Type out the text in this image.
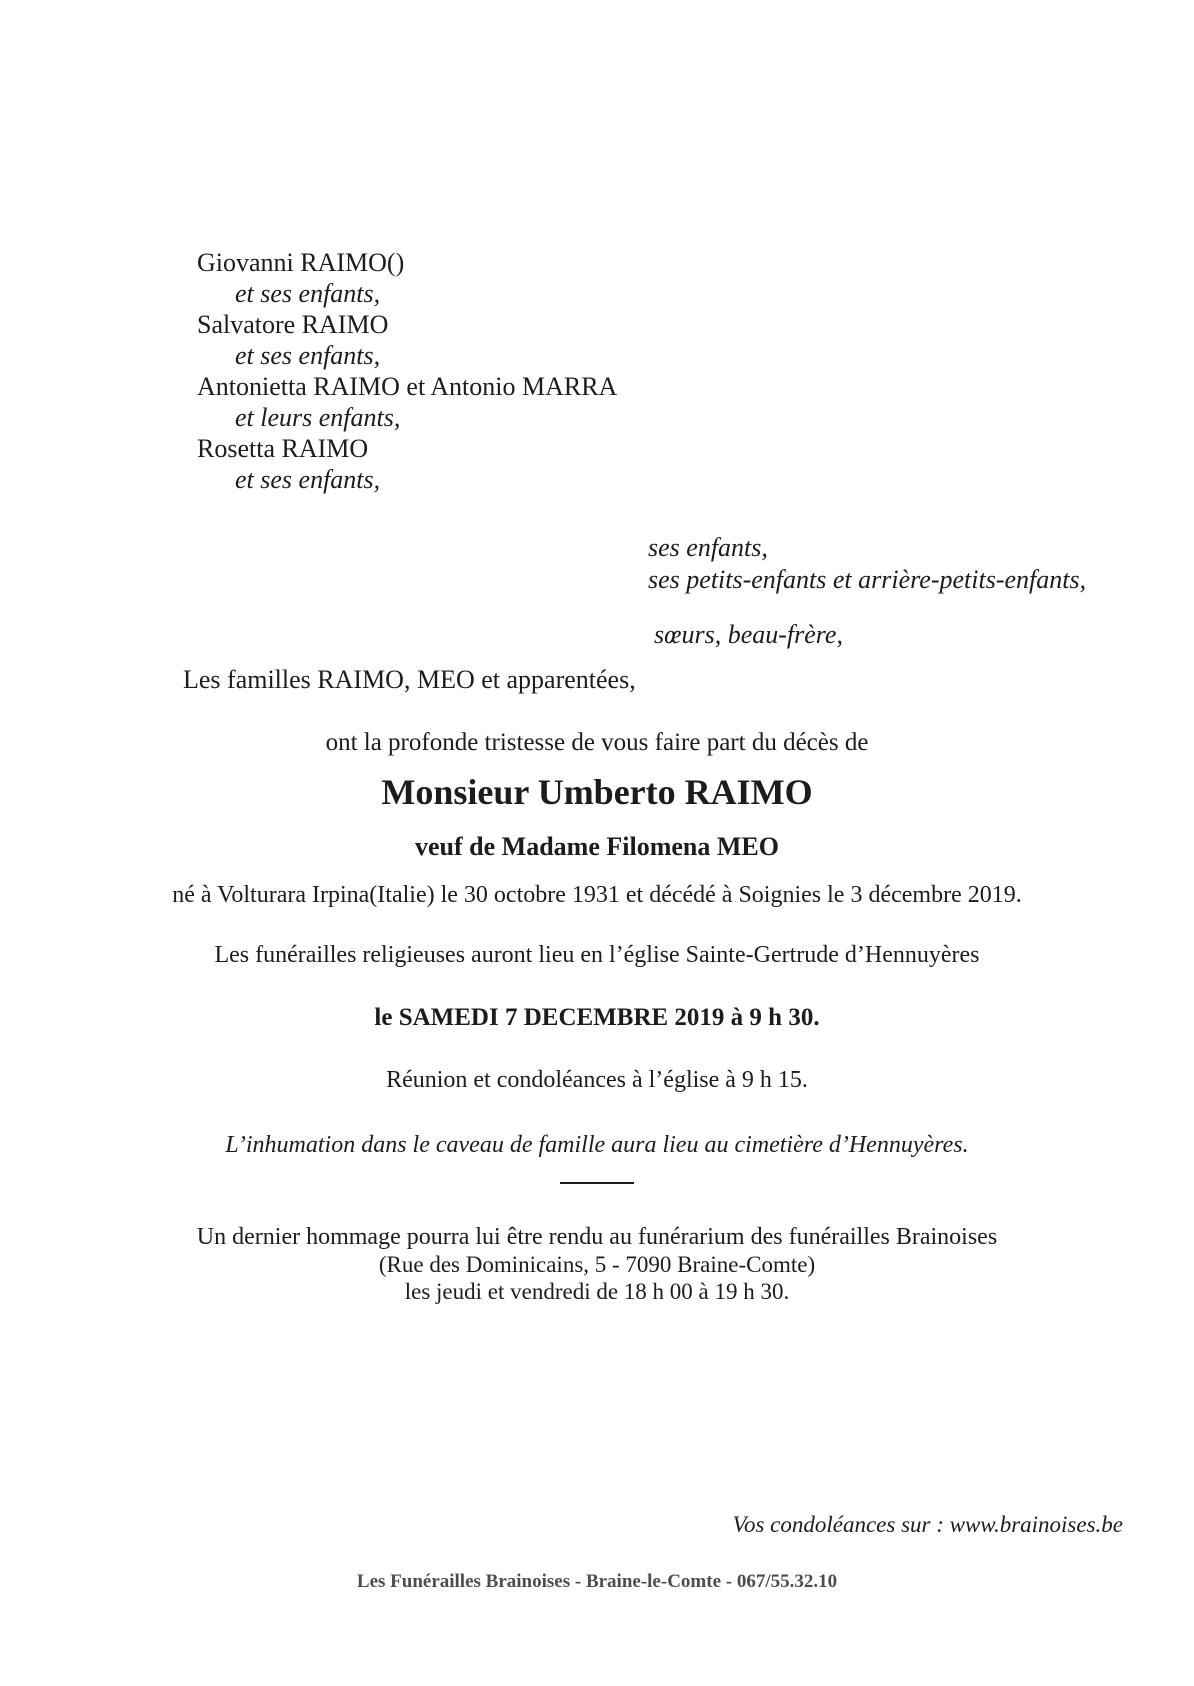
Giovanni RAIMO()
et ses enfants,
Salvatore RAIMO
et ses enfants,
Antonietta RAIMO et Antonio MARRA
et leurs enfants,
Rosetta RAIMO
et ses enfants,
ses enfants,
ses petits-enfants et arrière-petits-enfants,
sœurs, beau-frère,
Les familles RAIMO, MEO et apparentées,
ont la profonde tristesse de vous faire part du décès de
Monsieur Umberto RAIMO
veuf de Madame Filomena MEO
né à Volturara Irpina(Italie) le 30 octobre 1931 et décédé à Soignies le 3 décembre 2019.
Les funérailles religieuses auront lieu en l’église Sainte-Gertrude d’Hennuyères
le SAMEDI 7 DECEMBRE 2019 à 9 h 30.
Réunion et condoléances à l’église à 9 h 15.
L’inhumation dans le caveau de famille aura lieu au cimetière d’Hennuyères.
Un dernier hommage pourra lui être rendu au funérarium des funérailles Brainoises
(Rue des Dominicains, 5 - 7090 Braine-Comte)
les jeudi et vendredi de 18 h 00 à 19 h 30.
Vos condoléances sur : www.brainoises.be
Les Funérailles Brainoises - Braine-le-Comte - 067/55.32.10
